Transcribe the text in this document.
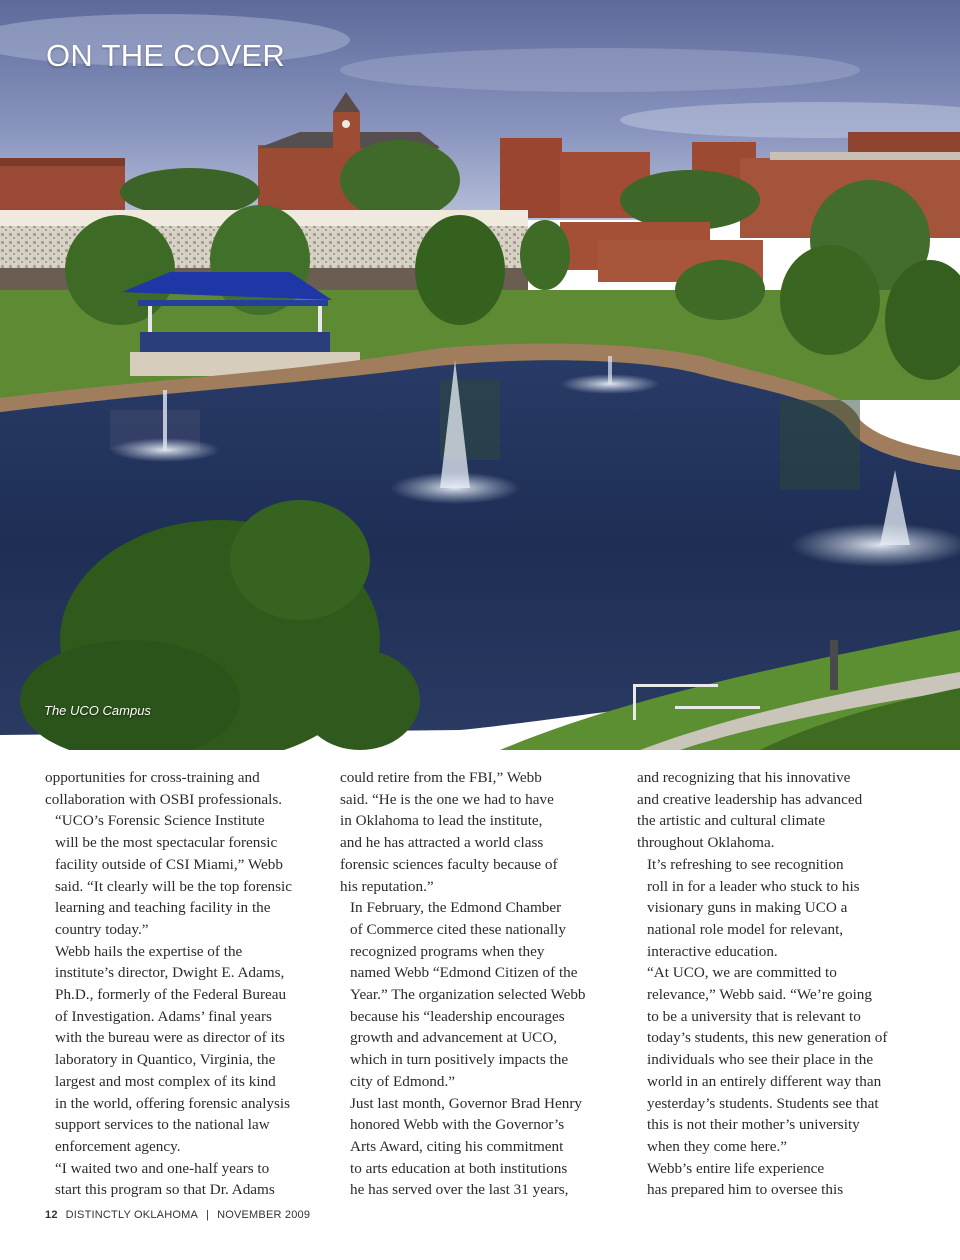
ON THE COVER
The UCO Campus

opportunities for cross-training and
collaboration with OSBI professionals.

“UCO’s Forensic Science Institute
will be the most spectacular forensic
facility outside of CSI Miami,” Webb
said. “It clearly will be the top forensic
learning and teaching facility in the
country today.”

Webb hails the expertise of the
institute’s director, Dwight E. Adams,
Ph.D., formerly of the Federal Bureau
of Investigation. Adams’ final years
with the bureau were as director of its
laboratory in Quantico, Virginia, the
largest and most complex of its kind
in the world, offering forensic analysis
support services to the national law
enforcement agency.

“I waited two and one-half years to
start this program so that Dr. Adams

could retire from the FBI,” Webb
said. “He is the one we had to have
in Oklahoma to lead the institute,
and he has attracted a world class
forensic sciences faculty because of
his reputation.”

In February, the Edmond Chamber
of Commerce cited these nationally
recognized programs when they
named Webb “Edmond Citizen of the
Year.” The organization selected Webb
because his “leadership encourages
growth and advancement at UCO,
which in turn positively impacts the
city of Edmond.”

Just last month, Governor Brad Henry
honored Webb with the Governor’s
Arts Award, citing his commitment
to arts education at both institutions
he has served over the last 31 years,

and recognizing that his innovative
and creative leadership has advanced
the artistic and cultural climate
throughout Oklahoma.

It’s refreshing to see recognition
roll in for a leader who stuck to his
visionary guns in making UCO a
national role model for relevant,
interactive education.

“At UCO, we are committed to
relevance,” Webb said. “We’re going
to be a university that is relevant to
today’s students, this new generation of
individuals who see their place in the
world in an entirely different way than
yesterday’s students. Students see that
this is not their mother’s university
when they come here.”

Webb’s entire life experience
has prepared him to oversee this

12 DISTINCTLY OKLAHOMA | NOVEMBER 2009
